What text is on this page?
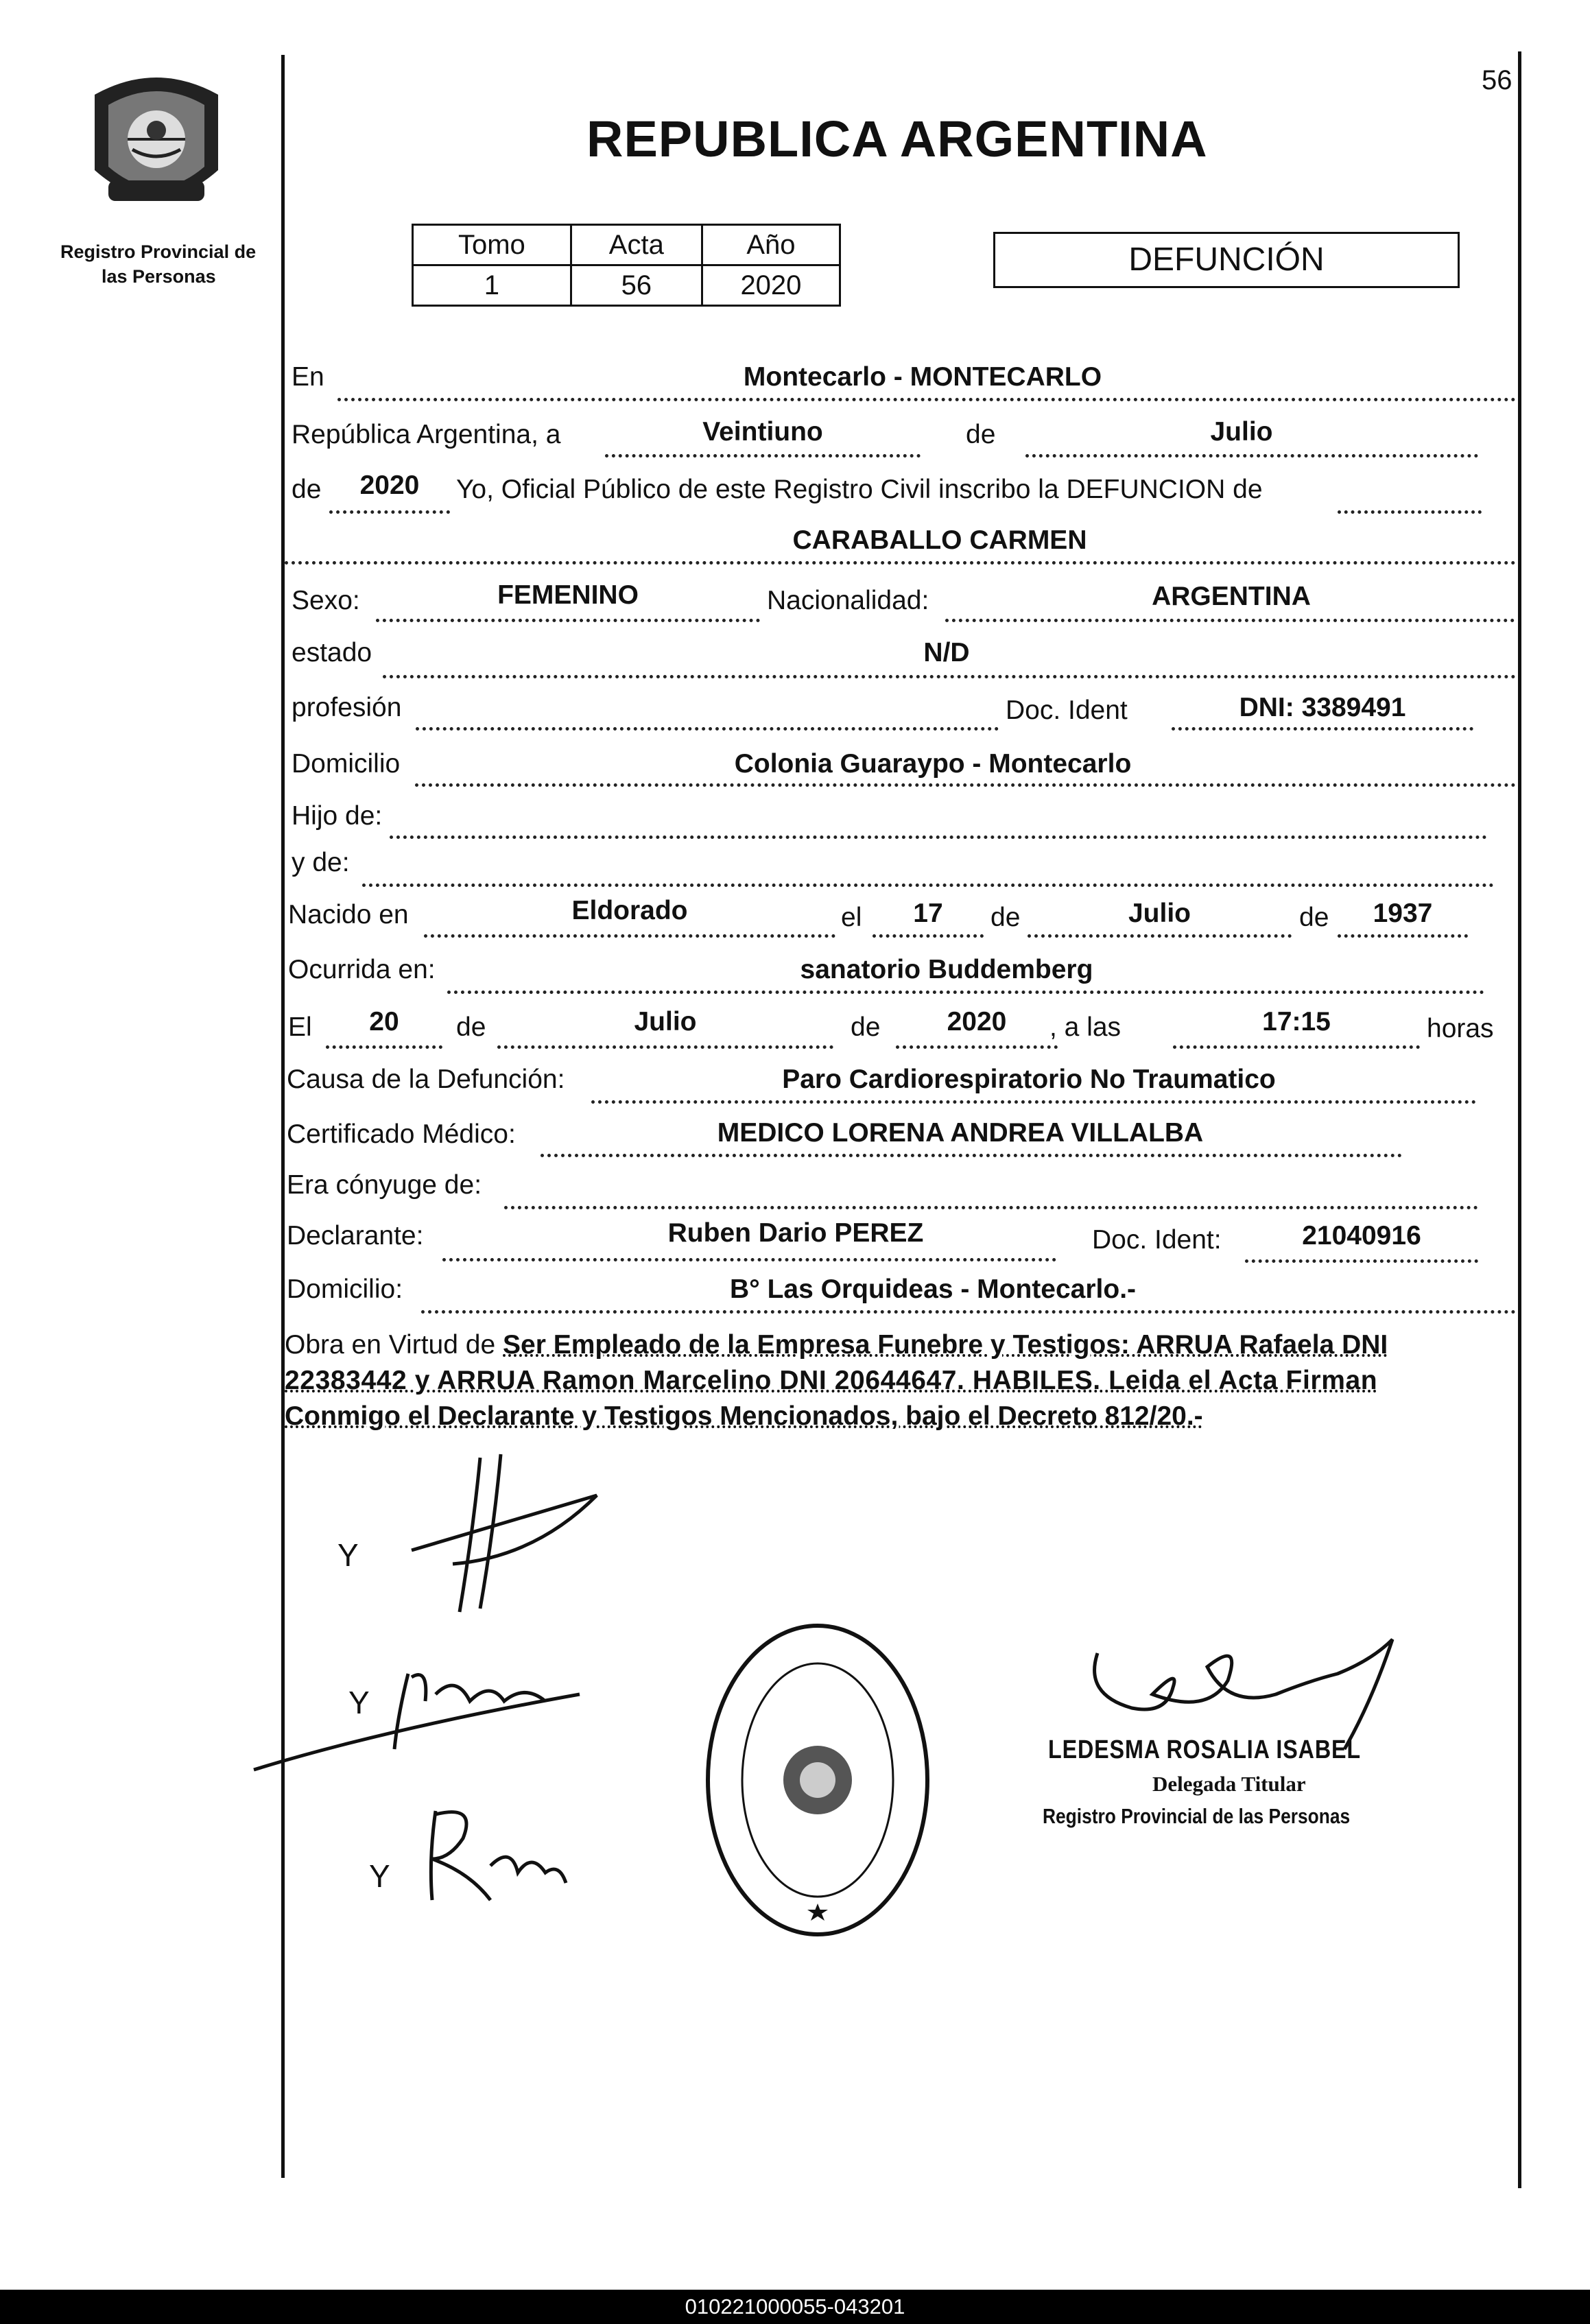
Registro Provincial de
las Personas
56
REPUBLICA ARGENTINA
Tomo	Acta	Año
1	56	2020
DEFUNCIÓN
En	Montecarlo - MONTECARLO
República Argentina, a	Veintiuno	de	Julio
de	2020	Yo, Oficial Público de este Registro Civil inscribo la DEFUNCION de
CARABALLO CARMEN
Sexo:	FEMENINO	Nacionalidad:	ARGENTINA
estado	N/D
profesión	Doc. Ident	DNI: 3389491
Domicilio	Colonia Guaraypo - Montecarlo
Hijo de:
y de:
Nacido en	Eldorado	el	17	de	Julio	de	1937
Ocurrida en:	sanatorio Buddemberg
El	20	de	Julio	de	2020	, a las	17:15	horas
Causa de la Defunción:	Paro Cardiorespiratorio No Traumatico
Certificado Médico:	MEDICO LORENA ANDREA VILLALBA
Era cónyuge de:
Declarante:	Ruben Dario PEREZ	Doc. Ident:	21040916
Domicilio:	B° Las Orquideas - Montecarlo.-
Obra en Virtud de Ser Empleado de la Empresa Funebre y Testigos: ARRUA Rafaela DNI
22383442 y ARRUA Ramon Marcelino DNI 20644647. HABILES. Leida el Acta Firman
Conmigo el Declarante y Testigos Mencionados, bajo el Decreto 812/20.-
Y
Y
Y
LEDESMA ROSALIA ISABEL
Delegada Titular
Registro Provincial de las Personas
010221000055-043201
